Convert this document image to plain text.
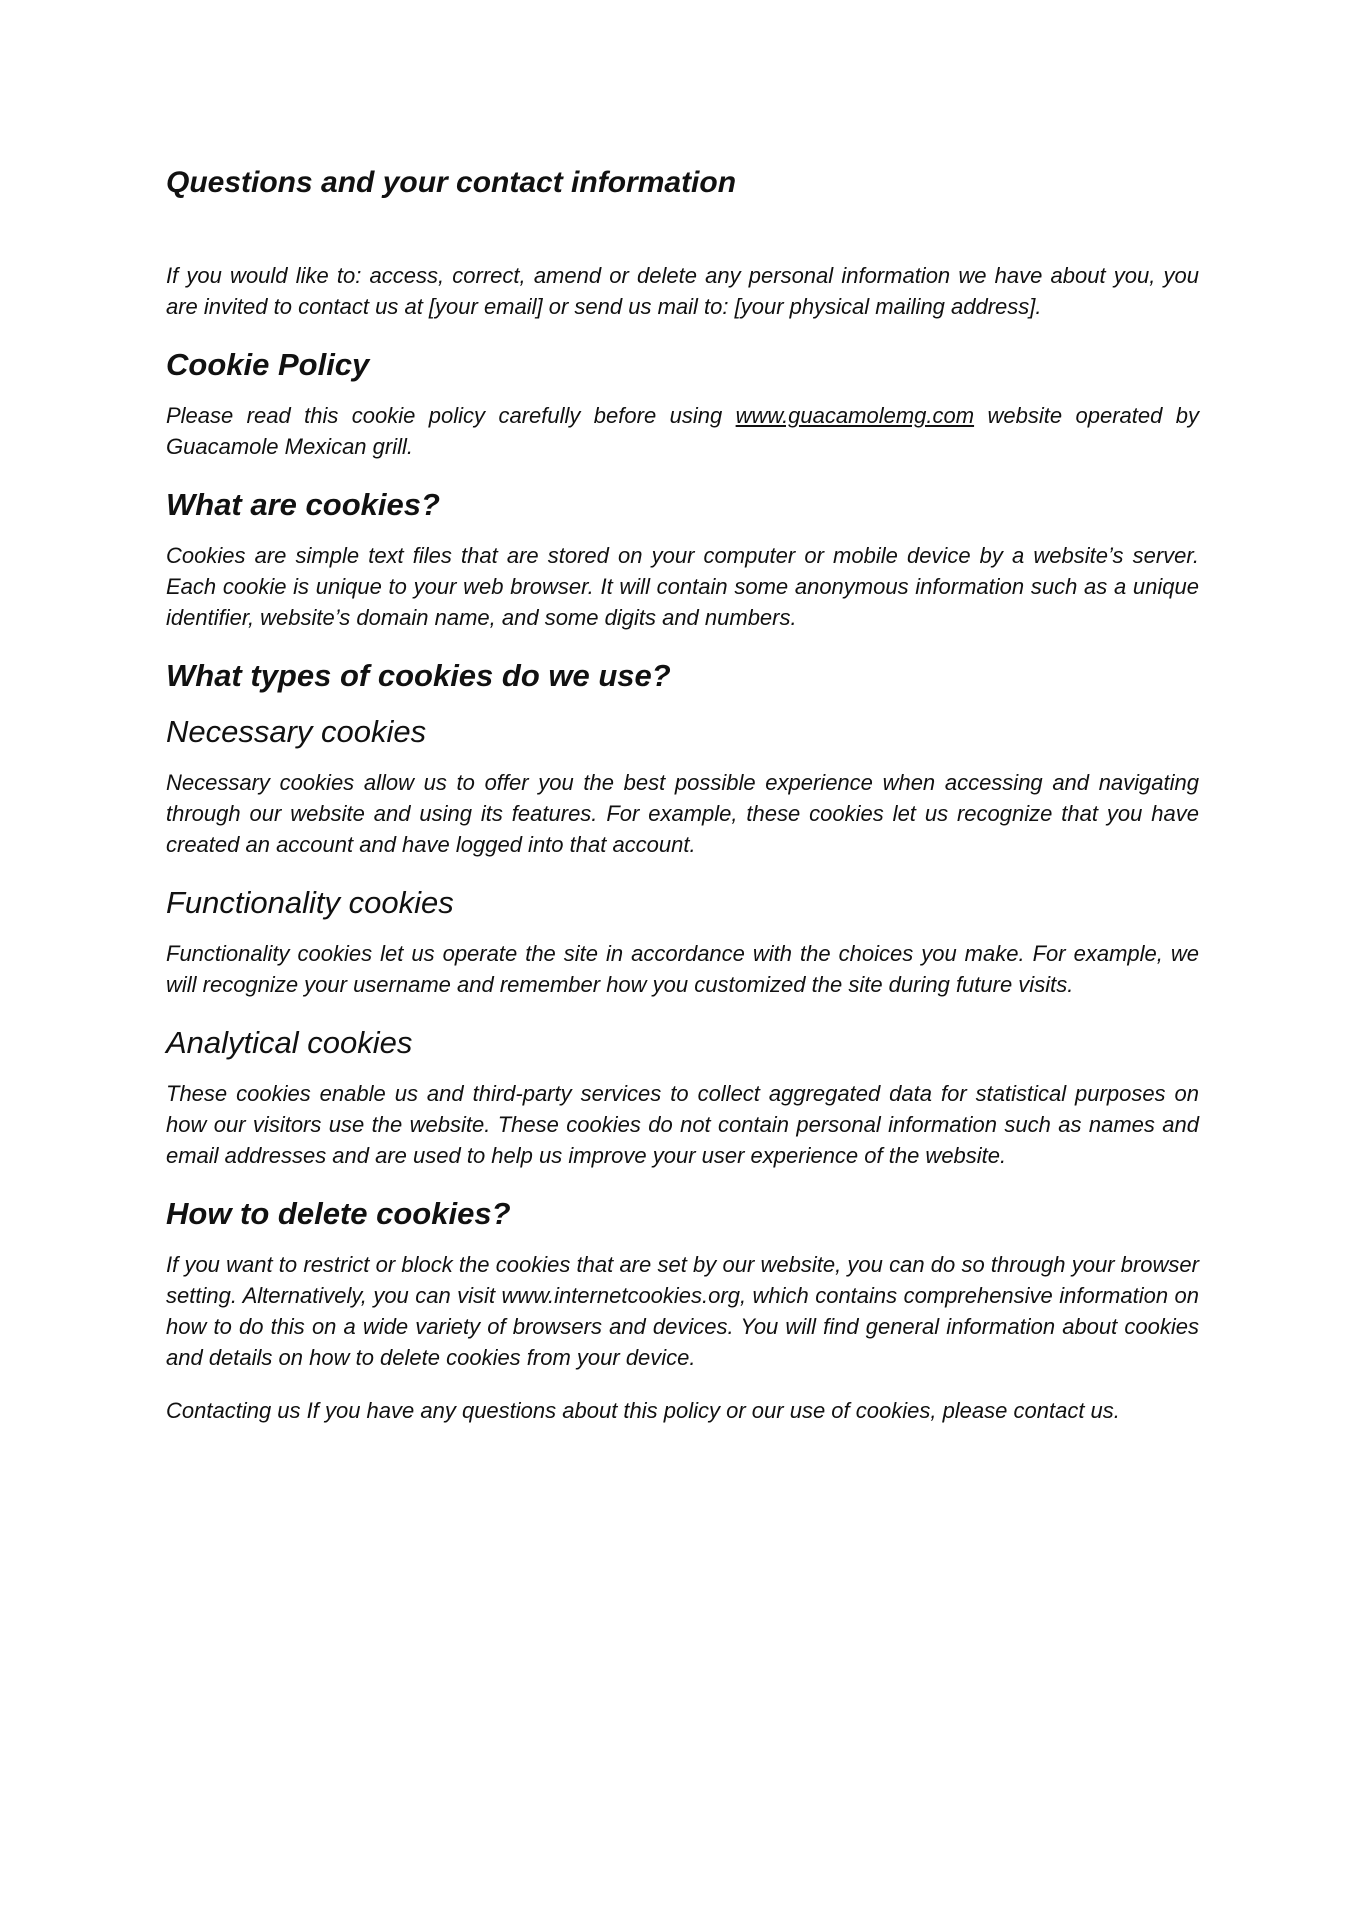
Questions and your contact information

If you would like to: access, correct, amend or delete any personal information we have about you, you are invited to contact us at [your email] or send us mail to: [your physical mailing address].

Cookie Policy

Please read this cookie policy carefully before using www.guacamolemg.com website operated by Guacamole Mexican grill.

What are cookies?

Cookies are simple text files that are stored on your computer or mobile device by a website’s server. Each cookie is unique to your web browser. It will contain some anonymous information such as a unique identifier, website’s domain name, and some digits and numbers.

What types of cookies do we use?
Necessary cookies

Necessary cookies allow us to offer you the best possible experience when accessing and navigating through our website and using its features. For example, these cookies let us recognize that you have created an account and have logged into that account.

Functionality cookies

Functionality cookies let us operate the site in accordance with the choices you make. For example, we will recognize your username and remember how you customized the site during future visits.

Analytical cookies

These cookies enable us and third-party services to collect aggregated data for statistical purposes on how our visitors use the website. These cookies do not contain personal information such as names and email addresses and are used to help us improve your user experience of the website.

How to delete cookies?

If you want to restrict or block the cookies that are set by our website, you can do so through your browser setting. Alternatively, you can visit www.internetcookies.org, which contains comprehensive information on how to do this on a wide variety of browsers and devices. You will find general information about cookies and details on how to delete cookies from your device.

Contacting us If you have any questions about this policy or our use of cookies, please contact us.
